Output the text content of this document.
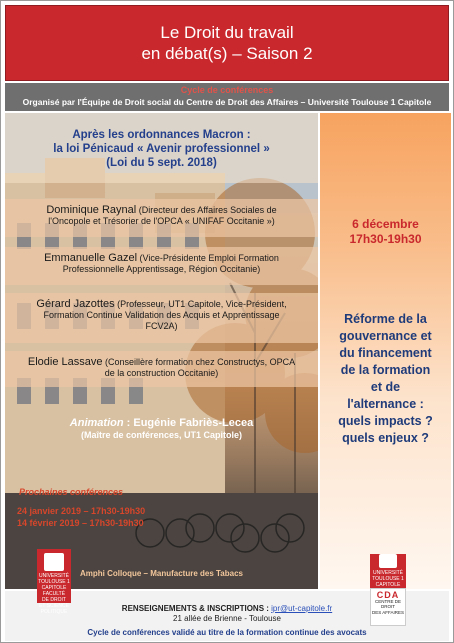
Le Droit du travail
en débat(s) – Saison 2
Cycle de conférences
Organisé par l'Équipe de Droit social du Centre de Droit des Affaires – Université Toulouse 1 Capitole
Après les ordonnances Macron :
la loi Pénicaud « Avenir professionnel »
(Loi du 5 sept. 2018)
Dominique Raynal (Directeur des Affaires Sociales de
l'Oncopole et Trésorier de l'OPCA « UNIFAF Occitanie »)
Emmanuelle Gazel (Vice-Présidente Emploi Formation
Professionnelle Apprentissage, Région Occitanie)
Gérard Jazottes (Professeur, UT1 Capitole, Vice-Président,
Formation Continue Validation des Acquis et Apprentissage
FCV2A)
Elodie Lassave (Conseillère formation chez Constructys, OPCA
de la construction Occitanie)
Animation : Eugénie Fabriès-Lecea
(Maître de conférences, UT1 Capitole)
Prochaines conférences
24 janvier 2019 – 17h30-19h30
14 février 2019 – 17h30-19h30
Amphi Colloque – Manufacture des Tabacs
6 décembre
17h30-19h30
Réforme de la
gouvernance et
du financement
de la formation
et de
l'alternance :
quels impacts ?
quels enjeux ?
UNIVERSITÉ
TOULOUSE 1
CAPITOLE
FACULTÉ
DE DROIT
ET SCIENCE
POLITIQUE
UNIVERSITÉ
TOULOUSE 1
CAPITOLE
CDA
CENTRE DE DROIT
DES AFFAIRES
RENSEIGNEMENTS & INSCRIPTIONS : ipr@ut-capitole.fr
21 allée de Brienne - Toulouse
Cycle de conférences validé au titre de la formation continue des avocats
